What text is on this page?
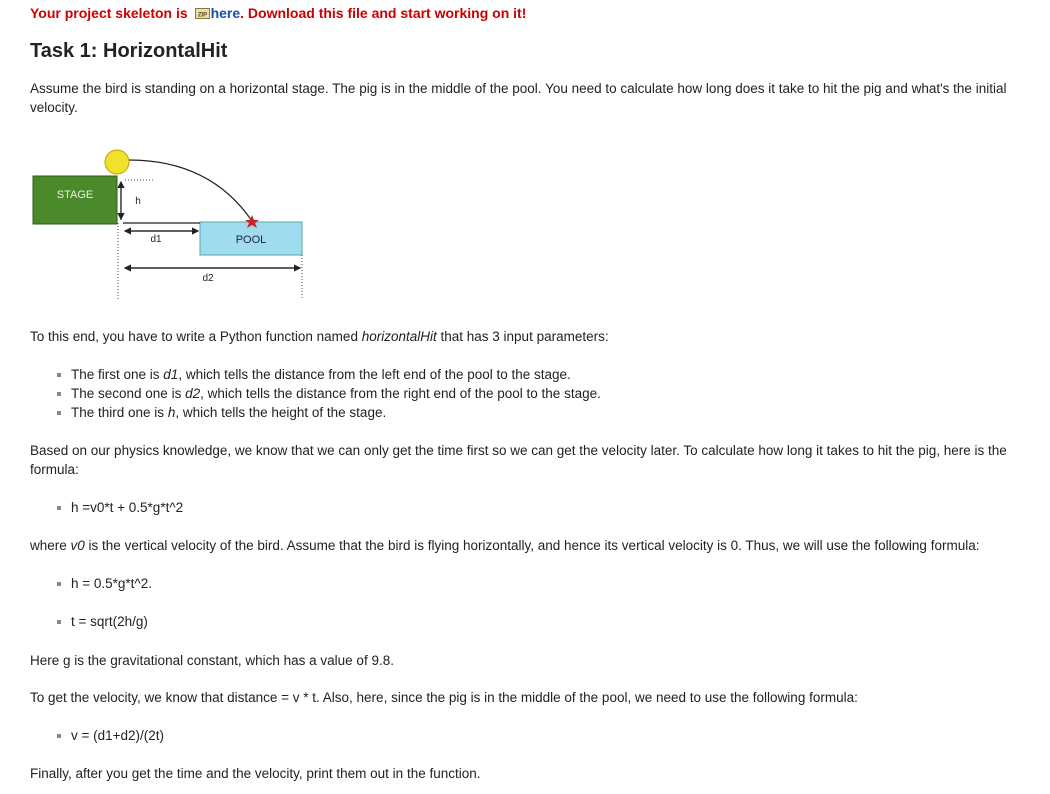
Your project skeleton is ZIP here. Download this file and start working on it!
Task 1: HorizontalHit

Assume the bird is standing on a horizontal stage. The pig is in the middle of the pool. You need to calculate how long does it take to hit the pig and what's the initial velocity.

STAGE
POOL
h
d1
d2

To this end, you have to write a Python function named horizontalHit that has 3 input parameters:

The first one is d1, which tells the distance from the left end of the pool to the stage.
The second one is d2, which tells the distance from the right end of the pool to the stage.
The third one is h, which tells the height of the stage.

Based on our physics knowledge, we know that we can only get the time first so we can get the velocity later. To calculate how long it takes to hit the pig, here is the formula:

h =v0*t + 0.5*g*t^2

where v0 is the vertical velocity of the bird. Assume that the bird is flying horizontally, and hence its vertical velocity is 0. Thus, we will use the following formula:

h = 0.5*g*t^2.
t = sqrt(2h/g)

Here g is the gravitational constant, which has a value of 9.8.

To get the velocity, we know that distance = v * t. Also, here, since the pig is in the middle of the pool, we need to use the following formula:

v = (d1+d2)/(2t)

Finally, after you get the time and the velocity, print them out in the function.
